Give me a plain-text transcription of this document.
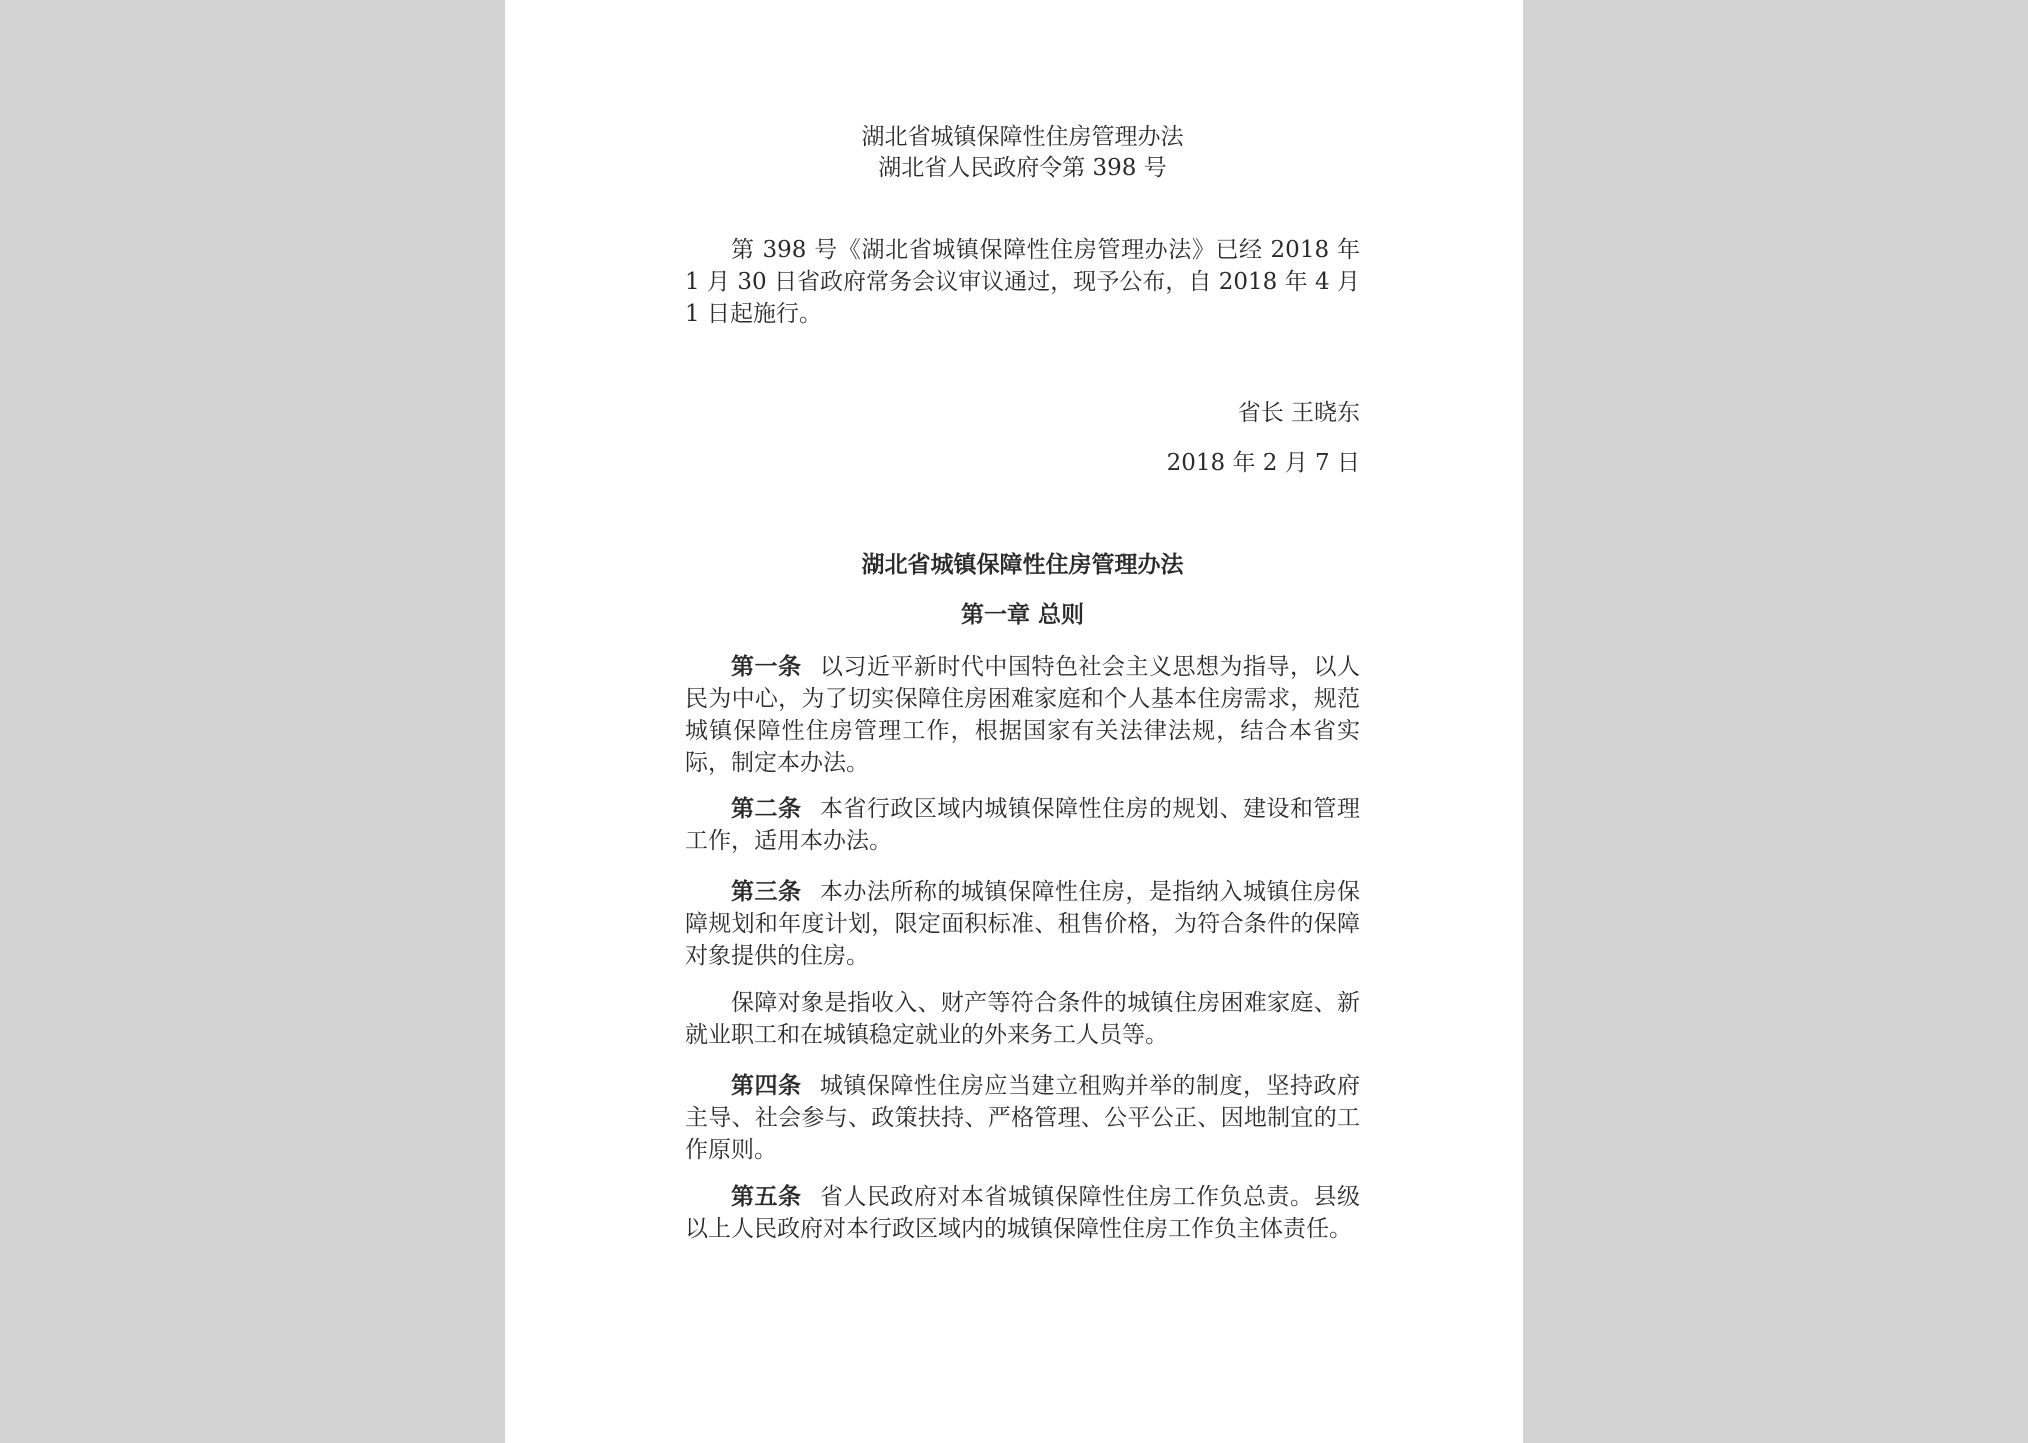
湖北省城镇保障性住房管理办法
湖北省人民政府令第 398 号

第 398 号《湖北省城镇保障性住房管理办法》已经 2018 年 1 月 30 日省政府常务会议审议通过，现予公布，自 2018 年 4 月 1 日起施行。

省长 王晓东

2018 年 2 月 7 日

湖北省城镇保障性住房管理办法
第一章 总则

第一条 以习近平新时代中国特色社会主义思想为指导，以人民为中心，为了切实保障住房困难家庭和个人基本住房需求，规范城镇保障性住房管理工作，根据国家有关法律法规，结合本省实际，制定本办法。

第二条 本省行政区域内城镇保障性住房的规划、建设和管理工作，适用本办法。

第三条 本办法所称的城镇保障性住房，是指纳入城镇住房保障规划和年度计划，限定面积标准、租售价格，为符合条件的保障对象提供的住房。

保障对象是指收入、财产等符合条件的城镇住房困难家庭、新就业职工和在城镇稳定就业的外来务工人员等。

第四条 城镇保障性住房应当建立租购并举的制度，坚持政府主导、社会参与、政策扶持、严格管理、公平公正、因地制宜的工作原则。

第五条 省人民政府对本省城镇保障性住房工作负总责。县级以上人民政府对本行政区域内的城镇保障性住房工作负主体责任。
